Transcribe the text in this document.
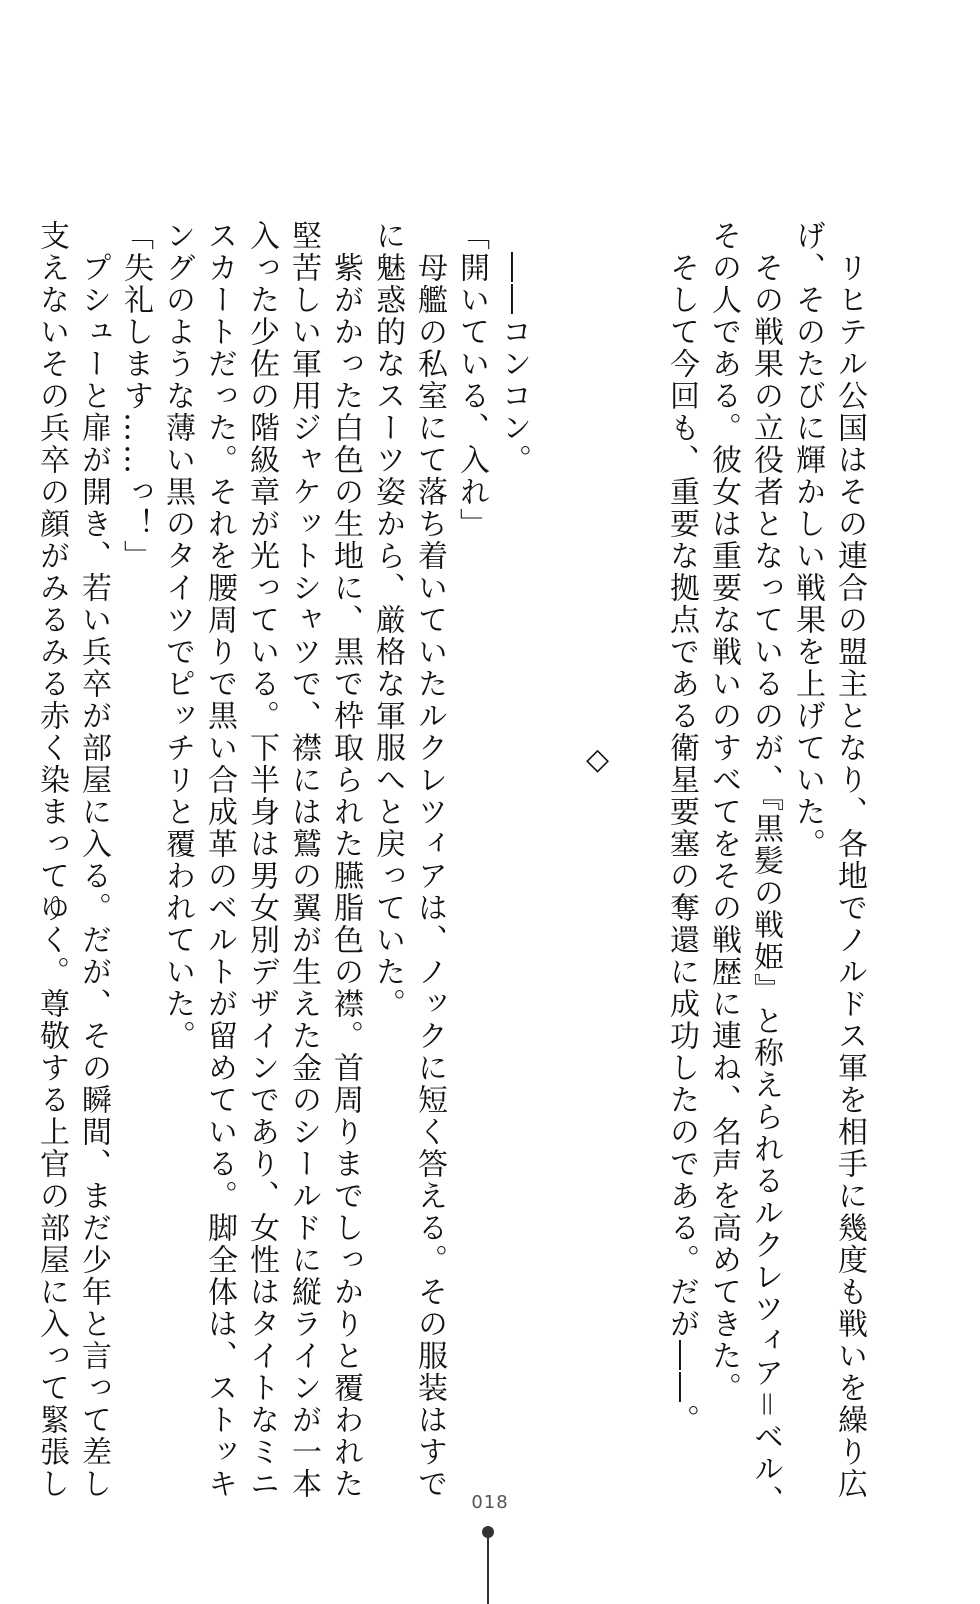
　リヒテル公国はその連合の盟主となり、各地でノルドス軍を相手に幾度も戦いを繰り広

げ、そのたびに輝かしい戦果を上げていた。

　その戦果の立役者となっているのが、『黒髪の戦姫』と称えられるルクレツィア＝ベル、

その人である。彼女は重要な戦いのすべてをその戦歴に連ね、名声を高めてきた。

　そして今回も、重要な拠点である衛星要塞の奪還に成功したのである。だが――。

◇

　――コンコン。

「開いている、入れ」

　母艦の私室にて落ち着いていたルクレツィアは、ノックに短く答える。その服装はすで

に魅惑的なスーツ姿から、厳格な軍服へと戻っていた。

　紫がかった白色の生地に、黒で枠取られた臙脂色の襟。首周りまでしっかりと覆われた

堅苦しい軍用ジャケットシャツで、襟には鷲の翼が生えた金のシールドに縦ラインが一本

入った少佐の階級章が光っている。下半身は男女別デザインであり、女性はタイトなミニ

スカートだった。それを腰周りで黒い合成革のベルトが留めている。脚全体は、ストッキ

ングのような薄い黒のタイツでピッチリと覆われていた。

「失礼します……っ！」

　プシューと扉が開き、若い兵卒が部屋に入る。だが、その瞬間、まだ少年と言って差し

支えないその兵卒の顔がみるみる赤く染まってゆく。尊敬する上官の部屋に入って緊張し

018
